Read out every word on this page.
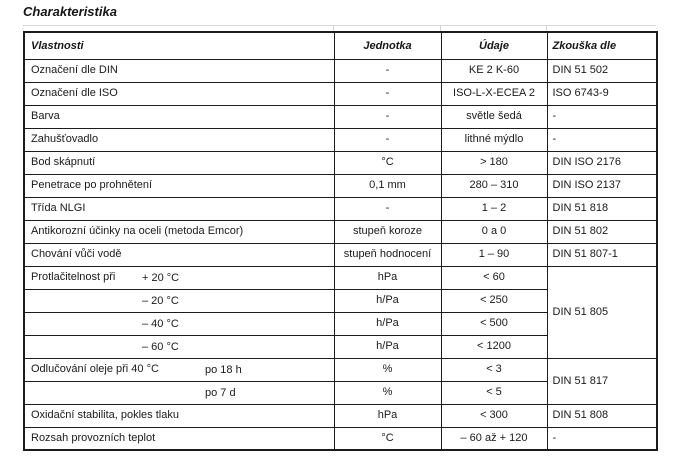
Charakteristika
Vlastnosti	Jednotka	Údaje	Zkouška dle
Označení dle DIN	-	KE 2 K-60	DIN 51 502
Označení dle ISO	-	ISO-L-X-ECEA 2	ISO 6743-9
Barva	-	světle šedá	-
Zahušťovadlo	-	lithné mýdlo	-
Bod skápnutí	°C	> 180	DIN ISO 2176
Penetrace po prohnětení	0,1 mm	280 – 310	DIN ISO 2137
Třída NLGI	-	1 – 2	DIN 51 818
Antikorozní účinky na oceli (metoda Emcor)	stupeň koroze	0 a 0	DIN 51 802
Chování vůči vodě	stupeň hodnocení	1 – 90	DIN 51 807-1
Protlačitelnost při + 20 °C	hPa	< 60	DIN 51 805

– 20 °C	h/Pa	< 250	

– 40 °C	h/Pa	< 500	

– 60 °C	h/Pa	< 1200	
Odlučování oleje při 40 °C po 18 h	%	< 3	DIN 51 817

po 7 d	%	< 5	
Oxidační stabilita, pokles tlaku	hPa	< 300	DIN 51 808
Rozsah provozních teplot	°C	– 60 až + 120	-
